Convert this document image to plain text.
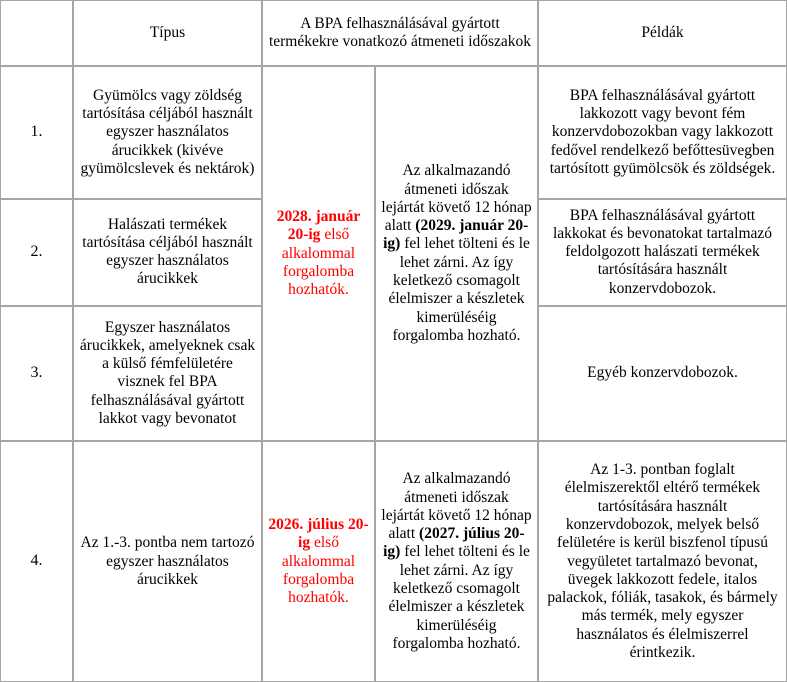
	Típus	A BPA felhasználásával gyártott termékekre vonatkozó átmeneti időszakok		Példák
1.	Gyümölcs vagy zöldség tartósítása céljából használt egyszer használatos árucikkek (kivéve gyümölcslevek és nektárok)	2028. január 20-ig első alkalommal forgalomba hozhatók.	Az alkalmazandó átmeneti időszak lejártát követő 12 hónap alatt (2029. január 20-ig) fel lehet tölteni és le lehet zárni. Az így keletkező csomagolt élelmiszer a készletek kimerüléséig forgalomba hozható.	BPA felhasználásával gyártott lakkozott vagy bevont fém konzervdobozokban vagy lakkozott fedővel rendelkező befőttesüvegben tartósított gyümölcsök és zöldségek.
2.	Halászati termékek tartósítása céljából használt egyszer használatos árucikkek			BPA felhasználásával gyártott lakkokat és bevonatokat tartalmazó feldolgozott halászati termékek tartósítására használt konzervdobozok.
3.	Egyszer használatos árucikkek, amelyeknek csak a külső fémfelületére visznek fel BPA felhasználásával gyártott lakkot vagy bevonatot			Egyéb konzervdobozok.
4.	Az 1.-3. pontba nem tartozó egyszer használatos árucikkek	2026. július 20-ig első alkalommal forgalomba hozhatók.	Az alkalmazandó átmeneti időszak lejártát követő 12 hónap alatt (2027. július 20-ig) fel lehet tölteni és le lehet zárni. Az így keletkező csomagolt élelmiszer a készletek kimerüléséig forgalomba hozható.	Az 1-3. pontban foglalt élelmiszerektől eltérő termékek tartósítására használt konzervdobozok, melyek belső felületére is kerül biszfenol típusú vegyületet tartalmazó bevonat, üvegek lakkozott fedele, italos palackok, fóliák, tasakok, és bármely más termék, mely egyszer használatos és élelmiszerrel érintkezik.
